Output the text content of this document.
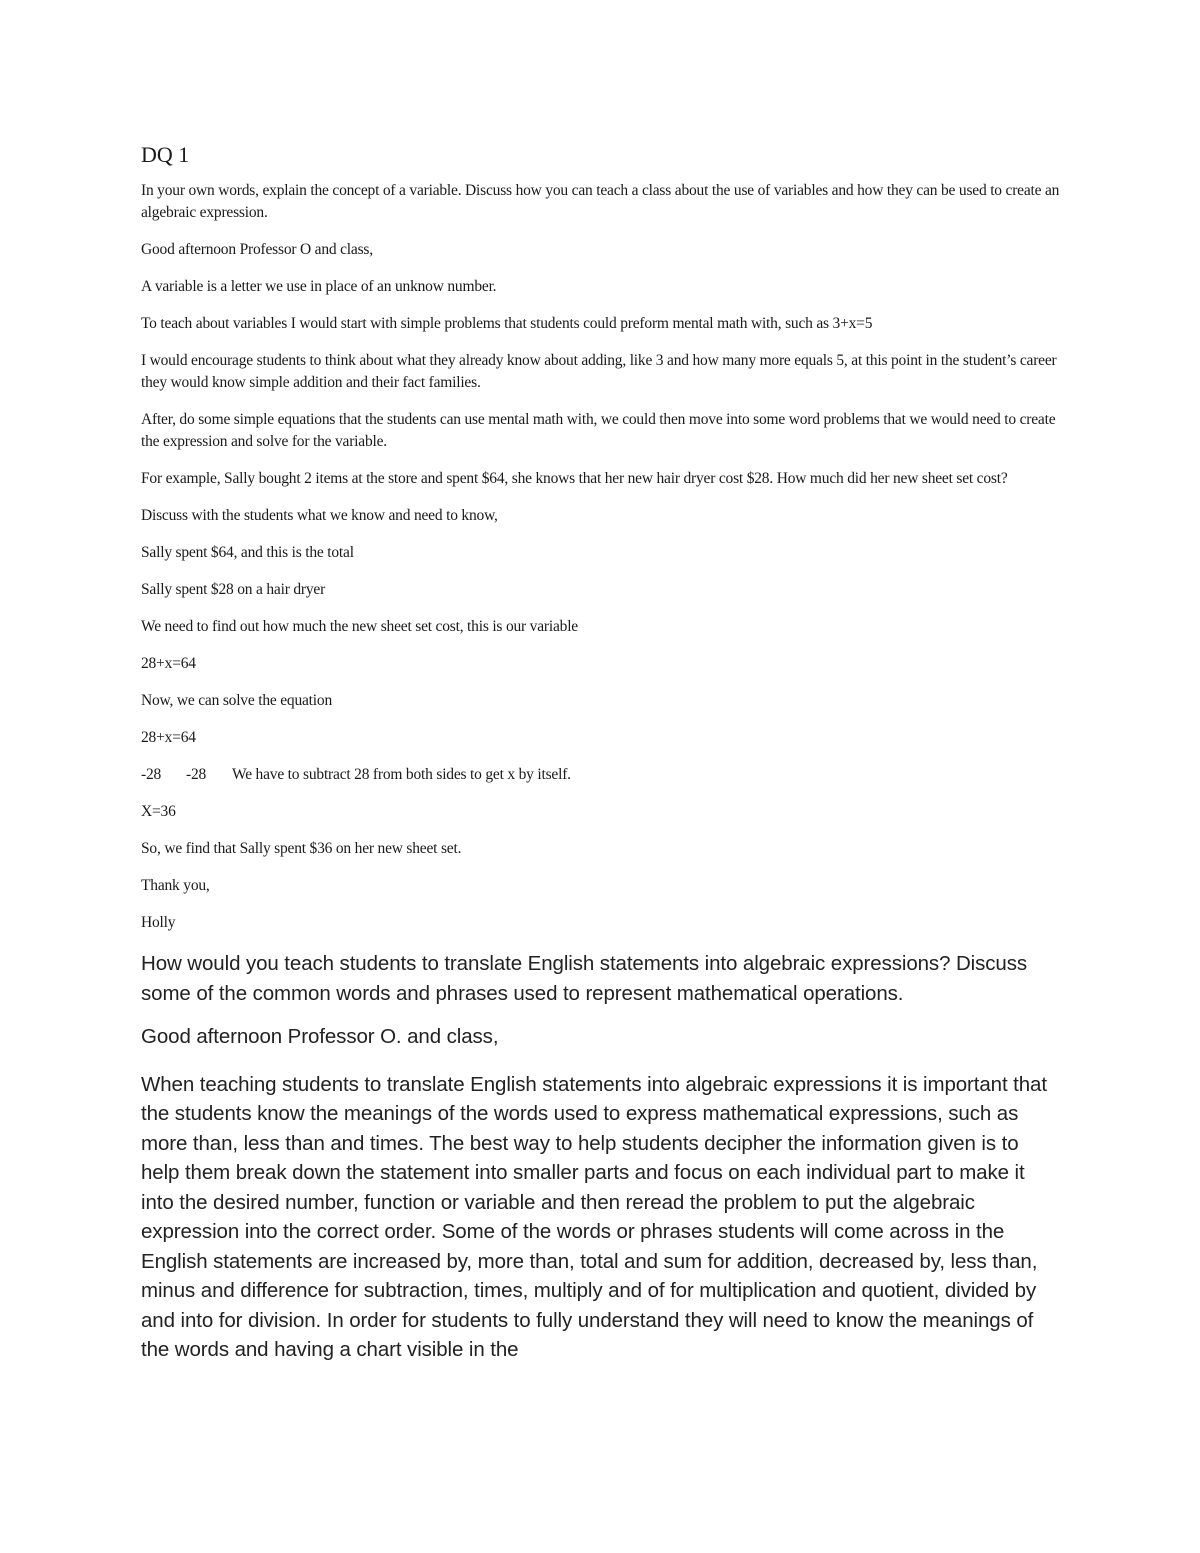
DQ 1

In your own words, explain the concept of a variable. Discuss how you can teach a class about the use of variables and how they can be used to create an algebraic expression.

Good afternoon Professor O and class,

A variable is a letter we use in place of an unknow number.

To teach about variables I would start with simple problems that students could preform mental math with, such as 3+x=5

I would encourage students to think about what they already know about adding, like 3 and how many more equals 5, at this point in the student’s career they would know simple addition and their fact families.

After, do some simple equations that the students can use mental math with, we could then move into some word problems that we would need to create the expression and solve for the variable.

For example, Sally bought 2 items at the store and spent $64, she knows that her new hair dryer cost $28. How much did her new sheet set cost?

Discuss with the students what we know and need to know,

Sally spent $64, and this is the total

Sally spent $28 on a hair dryer

We need to find out how much the new sheet set cost, this is our variable

28+x=64

Now, we can solve the equation

28+x=64

-28 -28 We have to subtract 28 from both sides to get x by itself.

X=36

So, we find that Sally spent $36 on her new sheet set.

Thank you,

Holly

How would you teach students to translate English statements into algebraic expressions? Discuss some of the common words and phrases used to represent mathematical operations.

Good afternoon Professor O. and class,

When teaching students to translate English statements into algebraic expressions it is important that the students know the meanings of the words used to express mathematical expressions, such as more than, less than and times. The best way to help students decipher the information given is to help them break down the statement into smaller parts and focus on each individual part to make it into the desired number, function or variable and then reread the problem to put the algebraic expression into the correct order. Some of the words or phrases students will come across in the English statements are increased by, more than, total and sum for addition, decreased by, less than, minus and difference for subtraction, times, multiply and of for multiplication and quotient, divided by and into for division. In order for students to fully understand they will need to know the meanings of the words and having a chart visible in the
